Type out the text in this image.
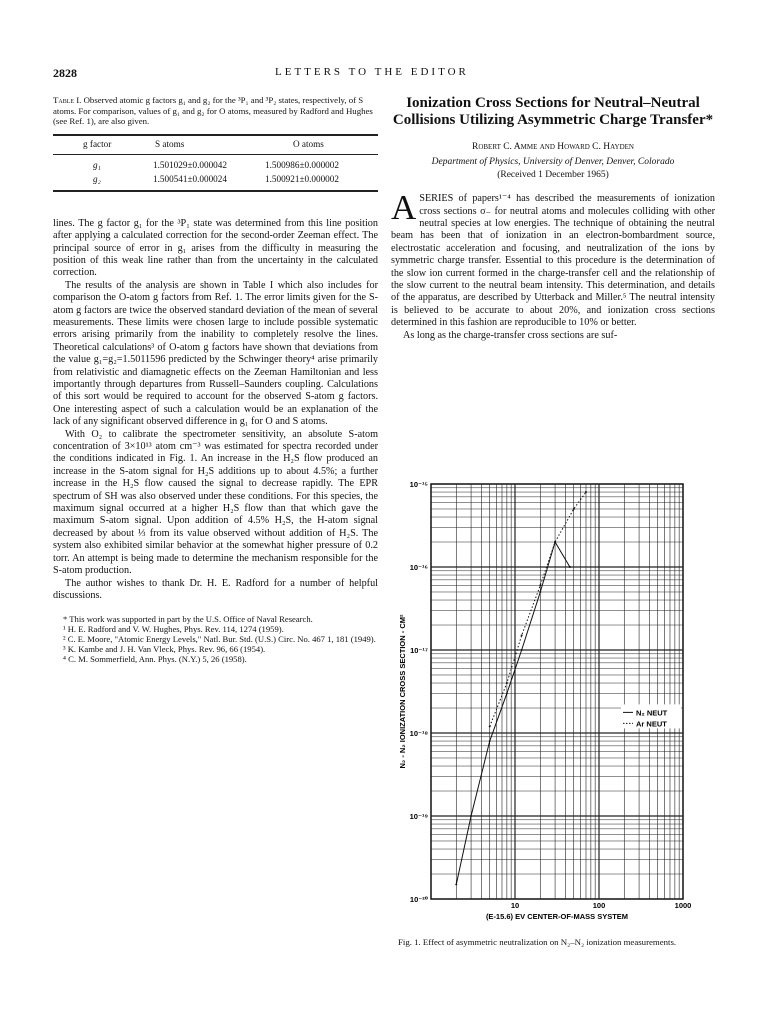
2828	LETTERS TO THE EDITOR
Table I. Observed atomic g factors g₁ and g₂ for the ³P₁ and ³P₂ states, respectively, of S atoms. For comparison, values of g₁ and g₂ for O atoms, measured by Radford and Hughes (see Ref. 1), are also given.
g factor	S atoms	O atoms
g₁	1.501029±0.000042	1.500986±0.000002
g₂	1.500541±0.000024	1.500921±0.000002

lines. The g factor g₁ for the ³P₁ state was determined from this line position after applying a calculated correction for the second-order Zeeman effect. The principal source of error in g₁ arises from the difficulty in measuring the position of this weak line rather than from the uncertainty in the calculated correction.

The results of the analysis are shown in Table I which also includes for comparison the O-atom g factors from Ref. 1. The error limits given for the S-atom g factors are twice the observed standard deviation of the mean of several measurements. These limits were chosen large to include possible systematic errors arising primarily from the inability to completely resolve the lines. Theoretical calculations³ of O-atom g factors have shown that deviations from the value g₁=g₂=1.5011596 predicted by the Schwinger theory⁴ arise primarily from relativistic and diamagnetic effects on the Zeeman Hamiltonian and less importantly through departures from Russell–Saunders coupling. Calculations of this sort would be required to account for the observed S-atom g factors. One interesting aspect of such a calculation would be an explanation of the lack of any significant observed difference in g₁ for O and S atoms.

With O₂ to calibrate the spectrometer sensitivity, an absolute S-atom concentration of 3×10¹³ atom cm⁻³ was estimated for spectra recorded under the conditions indicated in Fig. 1. An increase in the H₂S flow produced an increase in the S-atom signal for H₂S additions up to about 4.5%; a further increase in the H₂S flow caused the signal to decrease rapidly. The EPR spectrum of SH was also observed under these conditions. For this species, the maximum signal occurred at a higher H₂S flow than that which gave the maximum S-atom signal. Upon addition of 4.5% H₂S, the H-atom signal decreased by about ⅓ from its value observed without addition of H₂S. The system also exhibited similar behavior at the somewhat higher pressure of 0.2 torr. An attempt is being made to determine the mechanism responsible for the S-atom production.

The author wishes to thank Dr. H. E. Radford for a number of helpful discussions.

* This work was supported in part by the U.S. Office of Naval Research.
¹ H. E. Radford and V. W. Hughes, Phys. Rev. 114, 1274 (1959).
² C. E. Moore, "Atomic Energy Levels," Natl. Bur. Std. (U.S.) Circ. No. 467 1, 181 (1949).
³ K. Kambe and J. H. Van Vleck, Phys. Rev. 96, 66 (1954).
⁴ C. M. Sommerfield, Ann. Phys. (N.Y.) 5, 26 (1958).
Ionization Cross Sections for Neutral–Neutral Collisions Utilizing Asymmetric Charge Transfer*
Robert C. Amme and Howard C. Hayden
Department of Physics, University of Denver, Denver, Colorado
(Received 1 December 1965)

ASERIES of papers¹⁻⁴ has described the measurements of ionization cross sections σ₋ for neutral atoms and molecules colliding with other neutral species at low energies. The technique of obtaining the neutral beam has been that of ionization in an electron-bombardment source, electrostatic acceleration and focusing, and neutralization of the ions by symmetric charge transfer. Essential to this procedure is the determination of the slow ion current formed in the charge-transfer cell and the relationship of the slow current to the neutral beam intensity. This determination, and details of the apparatus, are described by Utterback and Miller.⁵ The neutral intensity is believed to be accurate to about 20%, and ionization cross sections determined in this fashion are reproducible to 10% or better.

As long as the charge-transfer cross sections are suf-

10⁻¹⁵
10⁻¹⁶
10⁻¹⁷
10⁻¹⁸
10⁻¹⁹
10⁻²⁰
10	100	1000
(E-15.6) EV CENTER-OF-MASS SYSTEM
N₂ - N₂ IONIZATION CROSS SECTION - CM²	N₂ NEUT
Ar NEUT
Fig. 1. Effect of asymmetric neutralization on N₂–N₂ ionization measurements.
